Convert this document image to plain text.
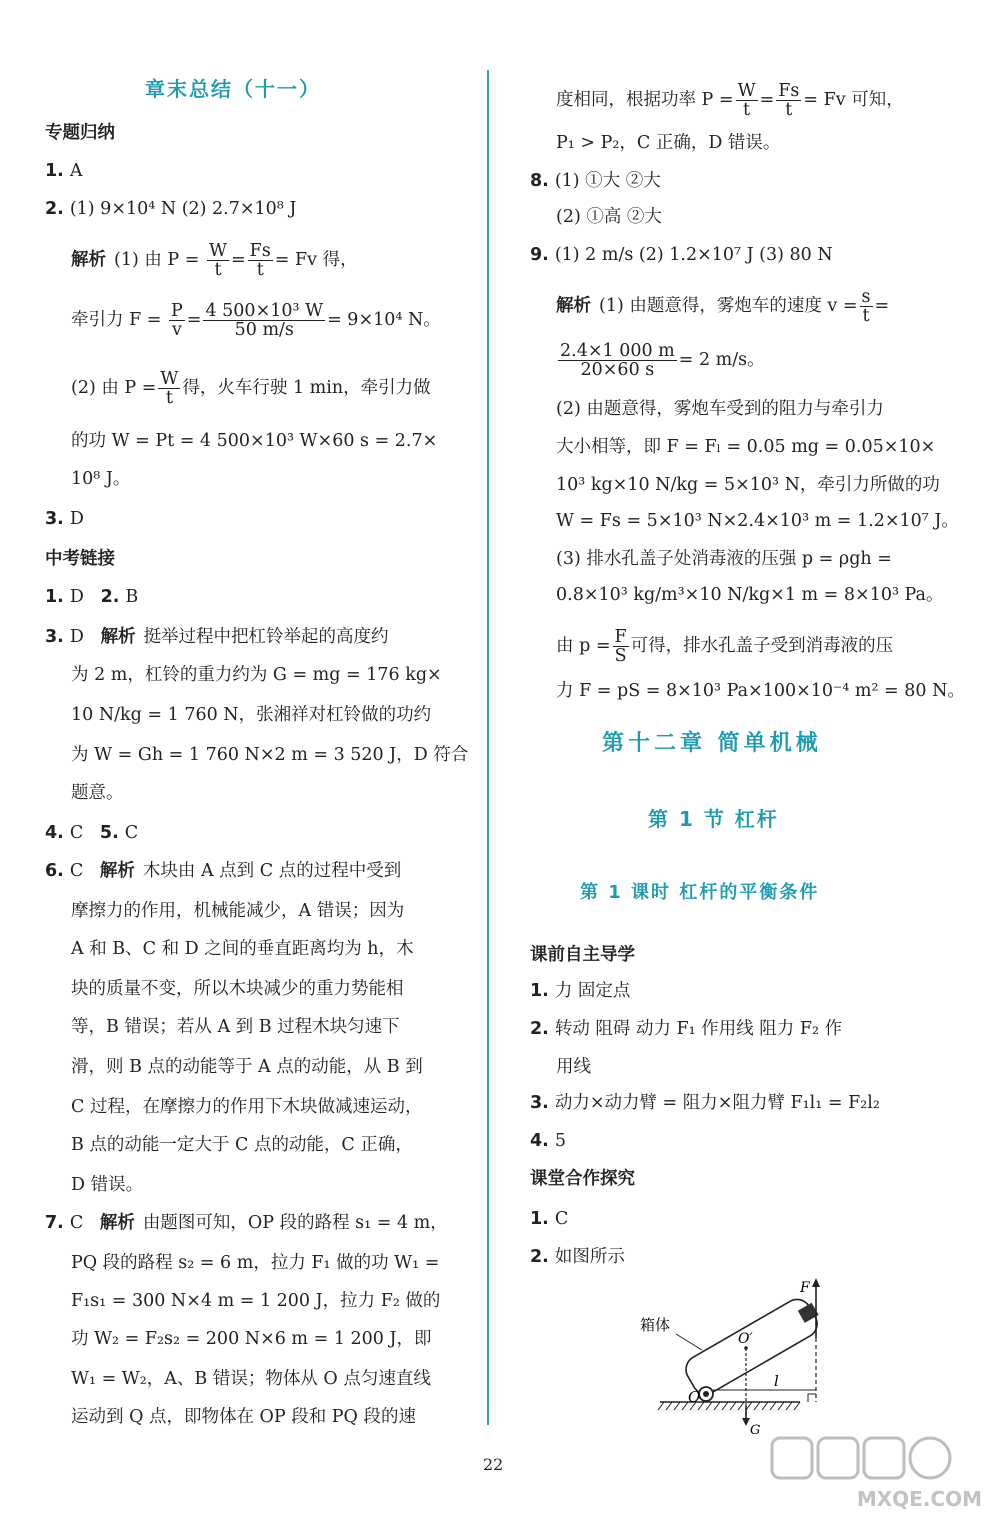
章末总结（十一）
专题归纳
1. A
2. (1) 9×10⁴ N (2) 2.7×10⁸ J
解析 (1) 由 $P = \frac{W}{t} = \frac{Fs}{t} = Fv$ 得，
牵引力 $F = \frac{P}{v} = \frac{\text{4 500×10³ W}}{50 m/s} = 9\times 10^4$ N。
(2) 由 $P = \frac{W}{t}$ 得，火车行驶 1 min，牵引力做
的功 W = Pt = 4 500×10³ W×60 s = 2.7×
10⁸ J。
3. D
中考链接
1. D 2. B
3. D 解析 挺举过程中把杠铃举起的高度约
为 2 m，杠铃的重力约为 G = mg = 176 kg×
10 N/kg = 1 760 N，张湘祥对杠铃做的功约
为 W = Gh = 1 760 N×2 m = 3 520 J，D 符合
题意。
4. C 5. C
6. C 解析 木块由 A 点到 C 点的过程中受到
摩擦力的作用，机械能减少，A 错误；因为
A 和 B、C 和 D 之间的垂直距离均为 h，木
块的质量不变，所以木块减少的重力势能相
等，B 错误；若从 A 到 B 过程木块匀速下
滑，则 B 点的动能等于 A 点的动能，从 B 到
C 过程，在摩擦力的作用下木块做减速运动，
B 点的动能一定大于 C 点的动能，C 正确，
D 错误。
7. C 解析 由题图可知，OP 段的路程 s₁ = 4 m，
PQ 段的路程 s₂ = 6 m，拉力 F₁ 做的功 W₁ =
F₁s₁ = 300 N×4 m = 1 200 J，拉力 F₂ 做的
功 W₂ = F₂s₂ = 200 N×6 m = 1 200 J，即
W₁ = W₂，A、B 错误；物体从 O 点匀速直线
运动到 Q 点，即物体在 OP 段和 PQ 段的速
度相同，根据功率 $P = \frac{W}{t} = \frac{Fs}{t} = Fv$ 可知，
P₁ > P₂，C 正确，D 错误。
8. (1) ①大 ②大
(2) ①高 ②大
9. (1) 2 m/s (2) 1.2×10⁷ J (3) 80 N
解析 (1) 由题意得，雾炮车的速度 $v = \frac{s}{t}$ =
$\frac{2.4\times 1 000 m}{20\times 60 s} = 2$ m/s。
(2) 由题意得，雾炮车受到的阻力与牵引力
大小相等，即 F = Fₗ = 0.05 mg = 0.05×10×
10³ kg×10 N/kg = 5×10³ N，牵引力所做的功
W = Fs = 5×10³ N×2.4×10³ m = 1.2×10⁷ J。
(3) 排水孔盖子处消毒液的压强 p = ρgh =
0.8×10³ kg/m³×10 N/kg×1 m = 8×10³ Pa。
由 $p = \frac{F}{S}$ 可得，排水孔盖子受到消毒液的压
力 F = pS = 8×10³ Pa×100×10⁻⁴ m² = 80 N。
第十二章 简单机械
第 1 节 杠杆
第 1 课时 杠杆的平衡条件
课前自主导学
1. 力 固定点
2. 转动 阻碍 动力 F₁ 作用线 阻力 F₂ 作
用线
3. 动力×动力臂 = 阻力×阻力臂 F₁l₁ = F₂l₂
4. 5
课堂合作探究
1. C
2. 如图所示
箱体
F
O
O′
l
G
22
MXQE.COM
